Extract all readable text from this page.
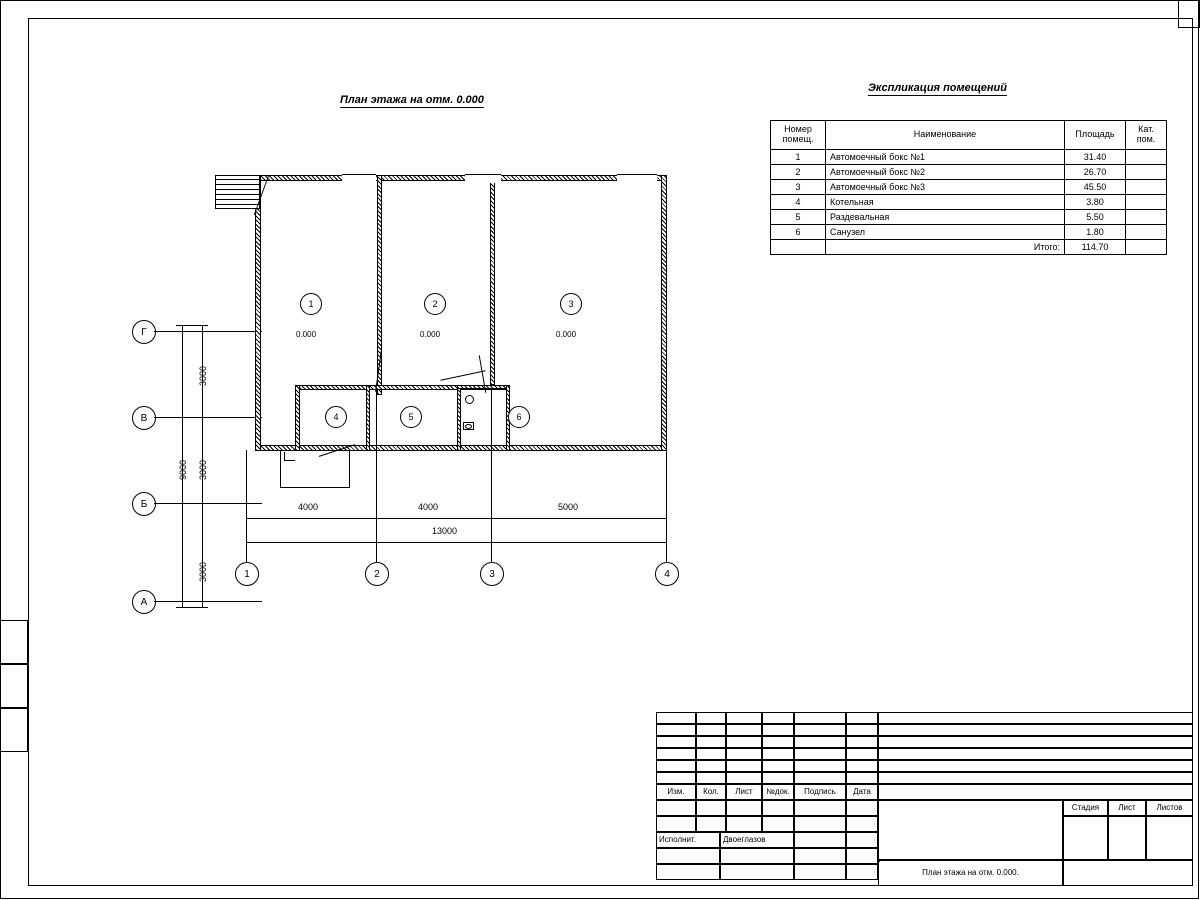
План этажа на отм. 0.000
Экспликация помещений
Г
В
Б
А
3000
3000
3000
9000
1	2	3
4	5	6
0.000	0.000	0.000
4000	4000	5000
13000
1	2	3	4
Номер
помещ.	Наименование	Площадь	Кат.
пом.
1	Автомоечный бокс №1	31.40	
2	Автомоечный бокс №2	26.70	
3	Автомоечный бокс №3	45.50	
4	Котельная	3.80	
5	Раздевальная	5.50	
6	Санузел	1.80	
	Итого:	114.70	
Изм.	Кол.	Лист	№док.	Подпись	Дата
Стадия	Лист	Листов
Исполнит.	Двоеглазов
План этажа на отм. 0.000.
